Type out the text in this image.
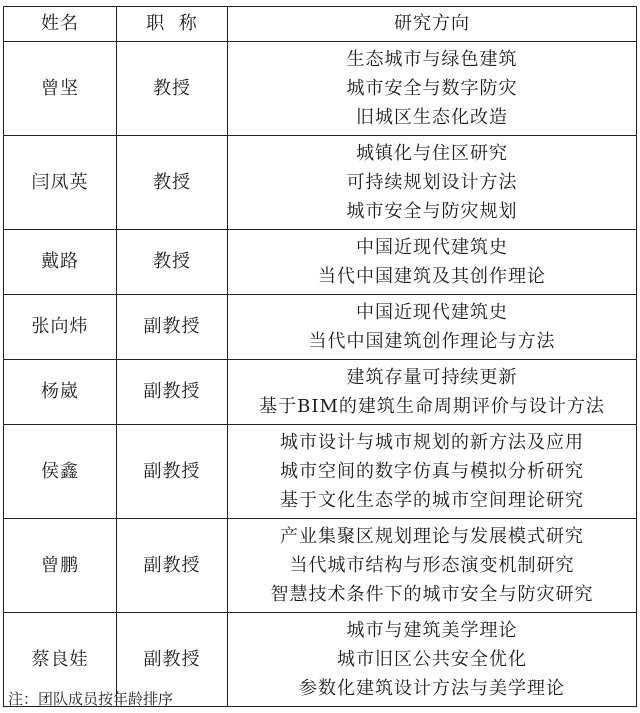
姓名	职  称	研究方向
曾坚	教授	生态城市与绿色建筑
城市安全与数字防灾
旧城区生态化改造

闫凤英	教授	城镇化与住区研究
可持续规划设计方法
城市安全与防灾规划

戴路	教授	中国近现代建筑史
当代中国建筑及其创作理论

张向炜	副教授	中国近现代建筑史
当代中国建筑创作理论与方法

杨崴	副教授	建筑存量可持续更新
基于BIM的建筑生命周期评价与设计方法

侯鑫	副教授	城市设计与城市规划的新方法及应用
城市空间的数字仿真与模拟分析研究
基于文化生态学的城市空间理论研究

曾鹏	副教授	产业集聚区规划理论与发展模式研究
当代城市结构与形态演变机制研究
智慧技术条件下的城市安全与防灾研究

蔡良娃	副教授	城市与建筑美学理论
城市旧区公共安全优化
参数化建筑设计方法与美学理论
注：团队成员按年龄排序
